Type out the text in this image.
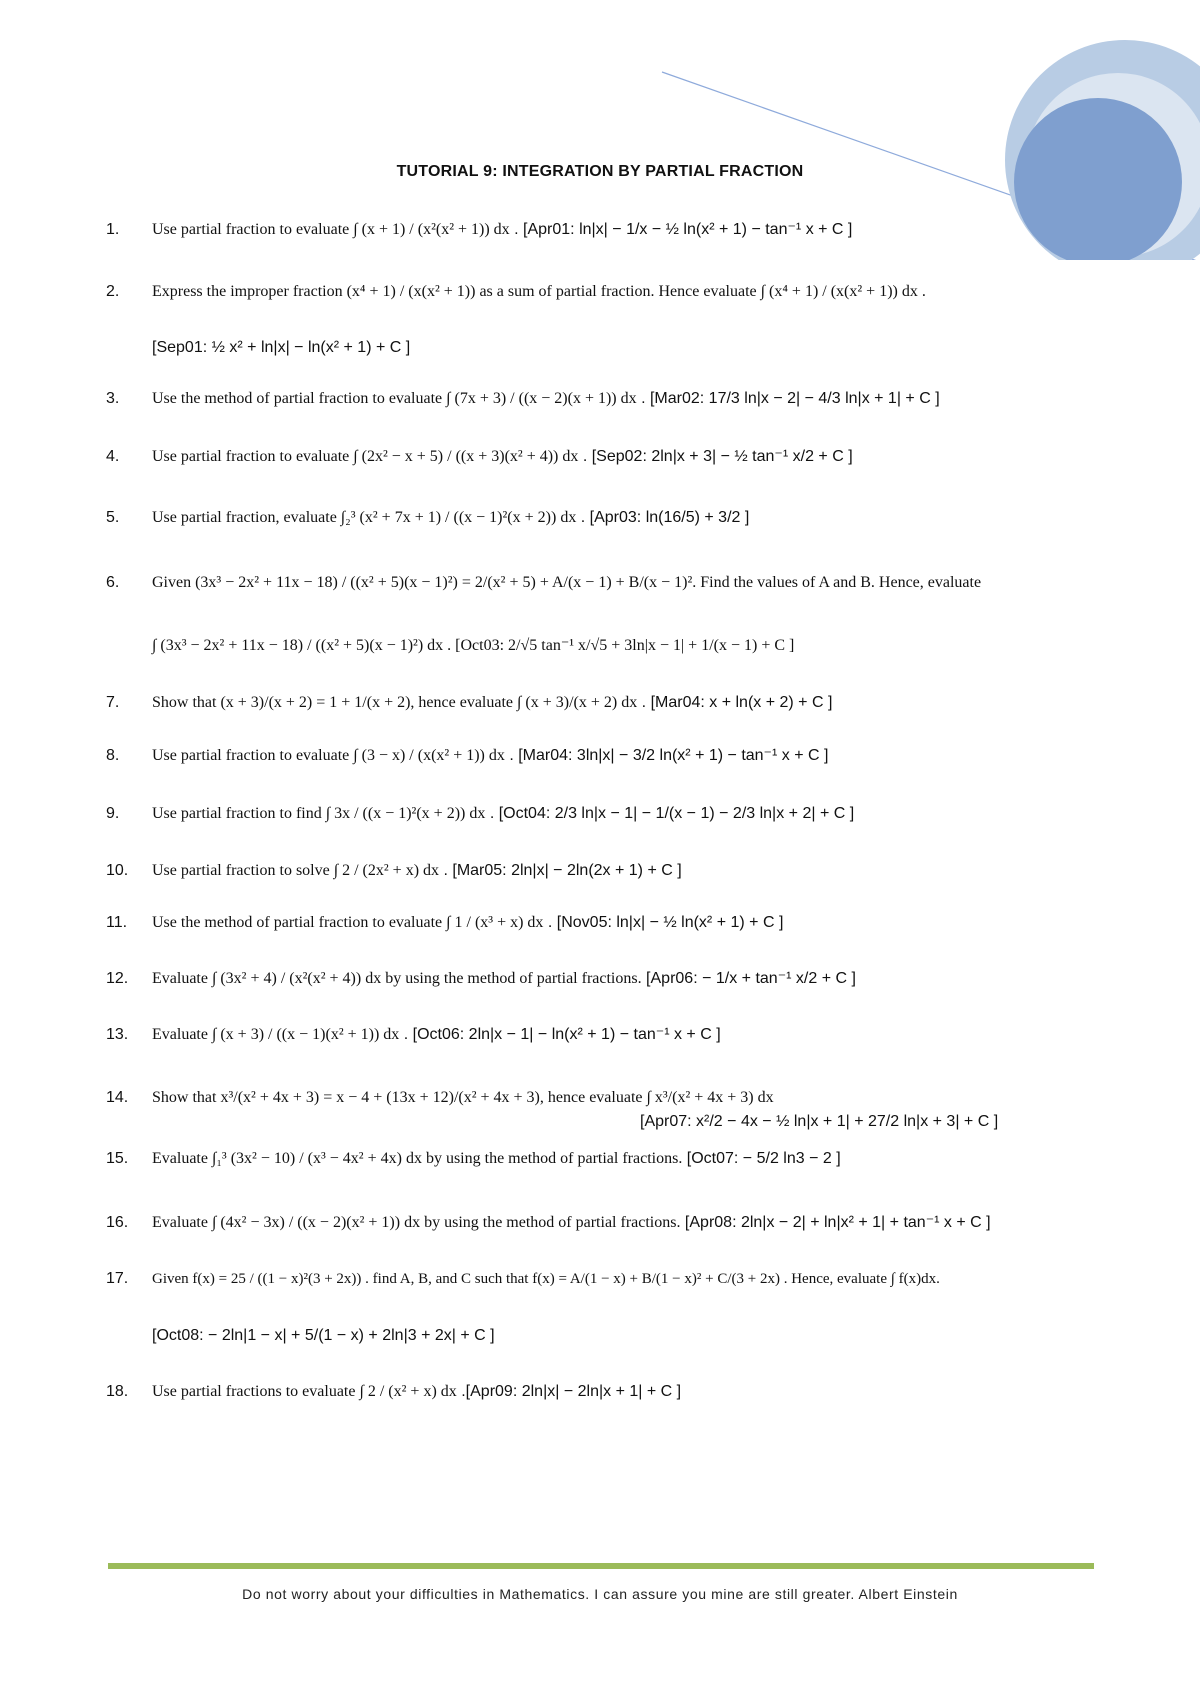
TUTORIAL 9: INTEGRATION BY PARTIAL FRACTION
1.	Use partial fraction to evaluate ∫ (x + 1) / (x²(x² + 1)) dx . [Apr01: ln|x| − 1/x − ½ ln(x² + 1) − tan⁻¹ x + C ]
2.	Express the improper fraction (x⁴ + 1) / (x(x² + 1)) as a sum of partial fraction. Hence evaluate ∫ (x⁴ + 1) / (x(x² + 1)) dx .
[Sep01: ½ x² + ln|x| − ln(x² + 1) + C ]
3.	Use the method of partial fraction to evaluate ∫ (7x + 3) / ((x − 2)(x + 1)) dx . [Mar02: 17/3 ln|x − 2| − 4/3 ln|x + 1| + C ]
4.	Use partial fraction to evaluate ∫ (2x² − x + 5) / ((x + 3)(x² + 4)) dx . [Sep02: 2ln|x + 3| − ½ tan⁻¹ x/2 + C ]
5.	Use partial fraction, evaluate ∫₂³ (x² + 7x + 1) / ((x − 1)²(x + 2)) dx . [Apr03: ln(16/5) + 3/2 ]
6.	Given (3x³ − 2x² + 11x − 18) / ((x² + 5)(x − 1)²) = 2/(x² + 5) + A/(x − 1) + B/(x − 1)². Find the values of A and B. Hence, evaluate
∫ (3x³ − 2x² + 11x − 18) / ((x² + 5)(x − 1)²) dx . [Oct03: 2/√5 tan⁻¹ x/√5 + 3ln|x − 1| + 1/(x − 1) + C ]
7.	Show that (x + 3)/(x + 2) = 1 + 1/(x + 2), hence evaluate ∫ (x + 3)/(x + 2) dx . [Mar04: x + ln(x + 2) + C ]
8.	Use partial fraction to evaluate ∫ (3 − x) / (x(x² + 1)) dx . [Mar04: 3ln|x| − 3/2 ln(x² + 1) − tan⁻¹ x + C ]
9.	Use partial fraction to find ∫ 3x / ((x − 1)²(x + 2)) dx . [Oct04: 2/3 ln|x − 1| − 1/(x − 1) − 2/3 ln|x + 2| + C ]
10.	Use partial fraction to solve ∫ 2 / (2x² + x) dx . [Mar05: 2ln|x| − 2ln(2x + 1) + C ]
11.	Use the method of partial fraction to evaluate ∫ 1 / (x³ + x) dx . [Nov05: ln|x| − ½ ln(x² + 1) + C ]
12.	Evaluate ∫ (3x² + 4) / (x²(x² + 4)) dx by using the method of partial fractions. [Apr06: − 1/x + tan⁻¹ x/2 + C ]
13.	Evaluate ∫ (x + 3) / ((x − 1)(x² + 1)) dx . [Oct06: 2ln|x − 1| − ln(x² + 1) − tan⁻¹ x + C ]
14.	Show that x³/(x² + 4x + 3) = x − 4 + (13x + 12)/(x² + 4x + 3), hence evaluate ∫ x³/(x² + 4x + 3) dx
[Apr07: x²/2 − 4x − ½ ln|x + 1| + 27/2 ln|x + 3| + C ]
15.	Evaluate ∫₁³ (3x² − 10) / (x³ − 4x² + 4x) dx by using the method of partial fractions. [Oct07: − 5/2 ln3 − 2 ]
16.	Evaluate ∫ (4x² − 3x) / ((x − 2)(x² + 1)) dx by using the method of partial fractions. [Apr08: 2ln|x − 2| + ln|x² + 1| + tan⁻¹ x + C ]
17.	Given f(x) = 25 / ((1 − x)²(3 + 2x)) . find A, B, and C such that f(x) = A/(1 − x) + B/(1 − x)² + C/(3 + 2x) . Hence, evaluate ∫ f(x)dx.
[Oct08: − 2ln|1 − x| + 5/(1 − x) + 2ln|3 + 2x| + C ]
18.	Use partial fractions to evaluate ∫ 2 / (x² + x) dx .[Apr09: 2ln|x| − 2ln|x + 1| + C ]
Do not worry about your difficulties in Mathematics. I can assure you mine are still greater. Albert Einstein
